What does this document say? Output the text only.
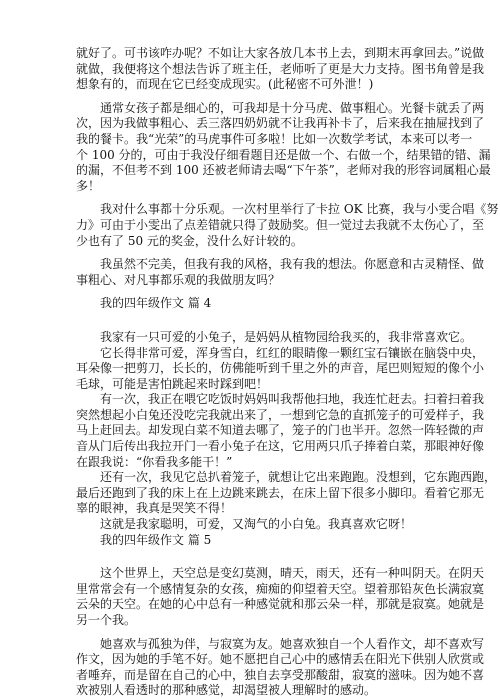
就好了。可书该咋办呢？不如让大家各放几本书上去，到期末再拿回去。”说做
就做，我便将这个想法告诉了班主任，老师听了更是大力支持。图书角曾是我
想象有的，而现在它已经变成现实。(此秘密不可外泄！)
通常女孩子都是细心的，可我却是十分马虎、做事粗心。光餐卡就丢了两
次，因为我做事粗心、丢三落四奶奶就不让我再补卡了，后来我在抽屉找到了
我的餐卡。我“光荣”的马虎事件可多啦！比如一次数学考试，本来可以考一
个 100 分的，可由于我没仔细看题目还是做一个、右做一个，结果错的错、漏
的漏，不但考不到 100 还被老师请去喝“下午茶”，老师对我的形容词属粗心最
多！
我对什么事都十分乐观。一次村里举行了卡拉 OK 比赛，我与小雯合唱《努
力》可由于小雯出了点差错就只得了鼓励奖。但一觉过去我就不太伤心了，至
少也有了 50 元的奖金，没什么好计较的。
我虽然不完美，但我有我的风格，我有我的想法。你愿意和古灵精怪、做
事粗心、对凡事都乐观的我做朋友吗？
我的四年级作文 篇 4
我家有一只可爱的小兔子，是妈妈从植物园给我买的，我非常喜欢它。
它长得非常可爱，浑身雪白，红红的眼睛像一颗红宝石镶嵌在脑袋中央，
耳朵像一把剪刀，长长的，仿佛能听到千里之外的声音，尾巴则短短的像个小
毛球，可能是害怕跳起来时踩到吧！
有一次，我正在喂它吃饭时妈妈叫我帮他扫地，我连忙赶去。扫着扫着我
突然想起小白兔还没吃完我就出来了，一想到它急的直抓笼子的可爱样子，我
马上赶回去。却发现白菜不知道去哪了，笼子的门也半开。忽然一阵轻微的声
音从门后传出我拉开门一看小兔子在这，它用两只爪子捧着白菜，那眼神好像
在跟我说：“你看我多能干！”
还有一次，我见它总扒着笼子，就想让它出来跑跑。没想到，它东跑西跑，
最后还跑到了我的床上在上边跳来跳去，在床上留下很多小脚印。看着它那无
辜的眼神，我真是哭笑不得！
这就是我家聪明，可爱，又淘气的小白兔。我真喜欢它呀！
我的四年级作文 篇 5
这个世界上，天空总是变幻莫测，晴天，雨天，还有一种叫阴天。在阴天
里常常会有一个感情复杂的女孩，痴痴的仰望着天空。望着那铅灰色长满寂寞
云朵的天空。在她的心中总有一种感觉就和那云朵一样，那就是寂寞。她就是
另一个我。
她喜欢与孤独为伴，与寂寞为友。她喜欢独自一个人看作文，却不喜欢写
作文，因为她的手笔不好。她不愿把自己心中的感情丢在阳光下供别人欣赏或
者唾弃，而是留在自己的心中，独自去享受那酸甜，寂寞的滋味。因为她不喜
欢被别人看透时的那种感觉，却渴望被人理解时的感动。
